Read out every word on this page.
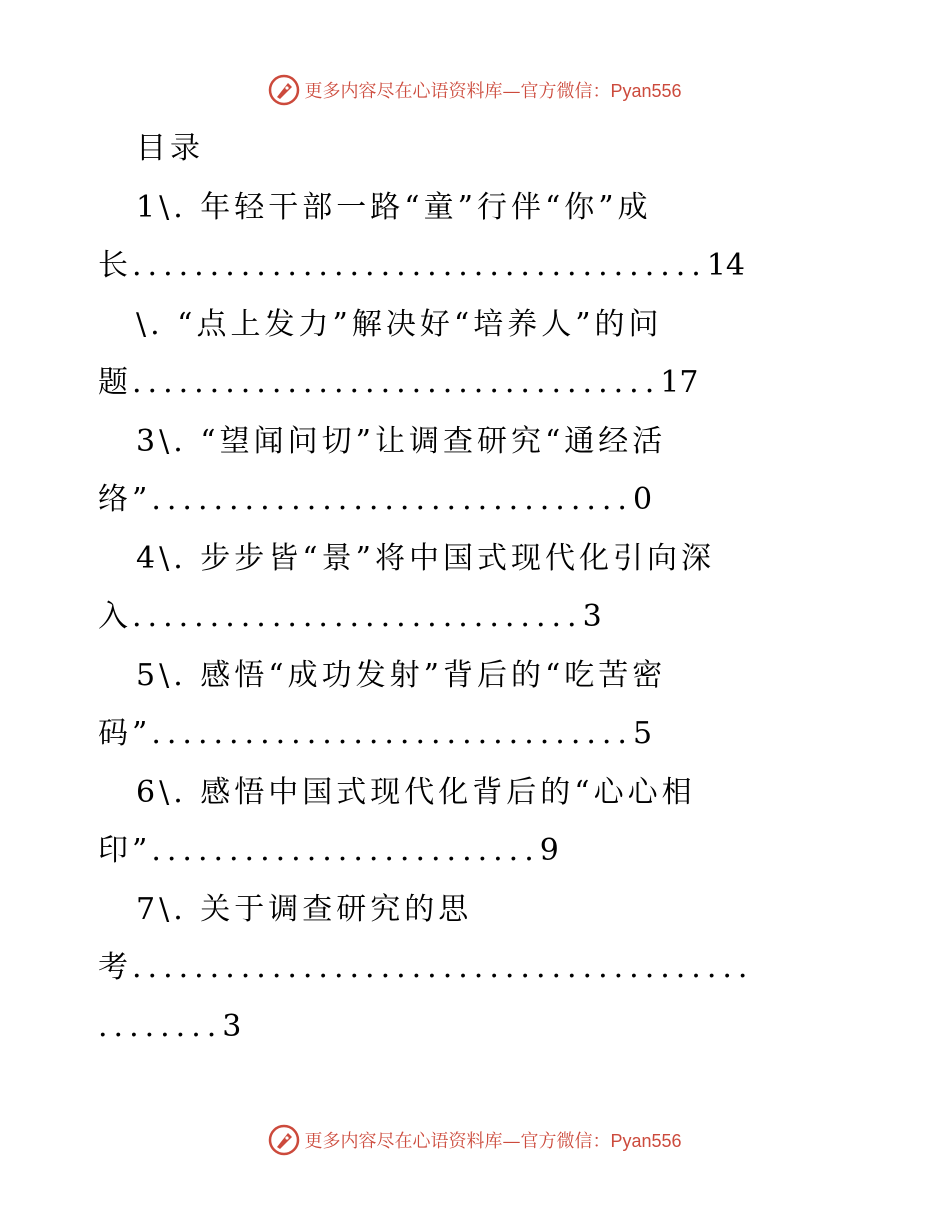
更多内容尽在心语资料库—官方微信：Pyan556
目录
1\. 年轻干部一路“童”行伴“你”成
长.....................................14
\. “点上发力”解决好“培养人”的问
题..................................17
3\. “望闻问切”让调查研究“通经活
络”...............................0
4\. 步步皆“景”将中国式现代化引向深
入.............................3
5\. 感悟“成功发射”背后的“吃苦密
码”...............................5
6\. 感悟中国式现代化背后的“心心相
印”.........................9
7\. 关于调查研究的思
考........................................
........3
更多内容尽在心语资料库—官方微信：Pyan556
